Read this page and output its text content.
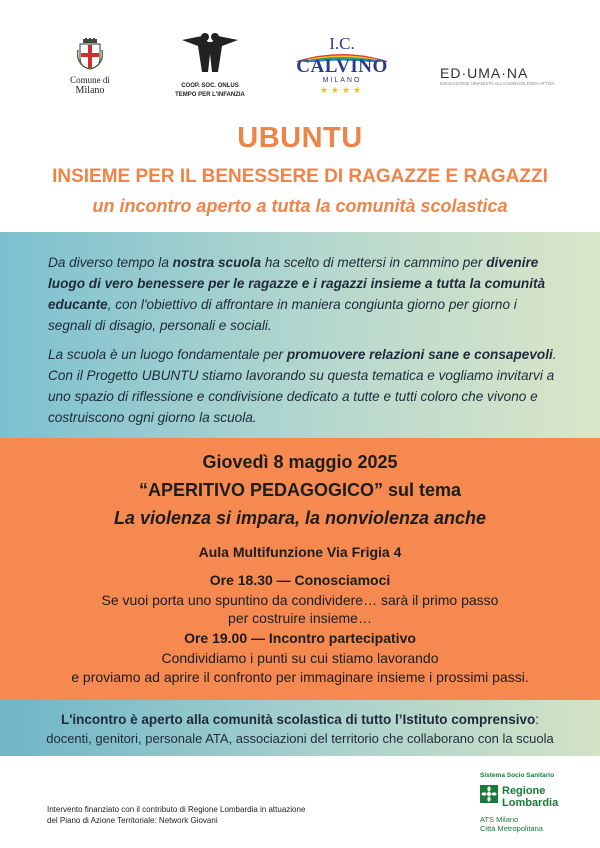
Comune di
Milano	COOP. SOC. ONLUS
TEMPO PER L'INFANZIA
I.C.
CALVINO
MILANO
★★★★
ED·UMA·NA
EDUCAZIONE UMANISTA ALLA NONVIOLENZA ATTIVA
UBUNTU
INSIEME PER IL BENESSERE DI RAGAZZE E RAGAZZI
un incontro aperto a tutta la comunità scolastica

Da diverso tempo la nostra scuola ha scelto di mettersi in cammino per divenire luogo di vero benessere per le ragazze e i ragazzi insieme a tutta la comunità educante, con l'obiettivo di affrontare in maniera congiunta giorno per giorno i segnali di disagio, personali e sociali.

La scuola è un luogo fondamentale per promuovere relazioni sane e consapevoli. Con il Progetto UBUNTU stiamo lavorando su questa tematica e vogliamo invitarvi a uno spazio di riflessione e condivisione dedicato a tutte e tutti coloro che vivono e costruiscono ogni giorno la scuola.

Giovedì 8 maggio 2025
“APERITIVO PEDAGOGICO” sul tema
La violenza si impara, la nonviolenza anche
Aula Multifunzione Via Frigia 4
Ore 18.30 — Conosciamoci
Se vuoi porta uno spuntino da condividere… sarà il primo passo
per costruire insieme…
Ore 19.00 — Incontro partecipativo
Condividiamo i punti su cui stiamo lavorando
e proviamo ad aprire il confronto per immaginare insieme i prossimi passi.
L'incontro è aperto alla comunità scolastica di tutto l’Istituto comprensivo:
docenti, genitori, personale ATA, associazioni del territorio che collaborano con la scuola
Intervento finanziato con il contributo di Regione Lombardia in attuazione
del Piano di Azione Territoriale: Network Giovani
Sistema Socio Sanitario
Regione
Lombardia
ATS Milano
Città Metropolitana
